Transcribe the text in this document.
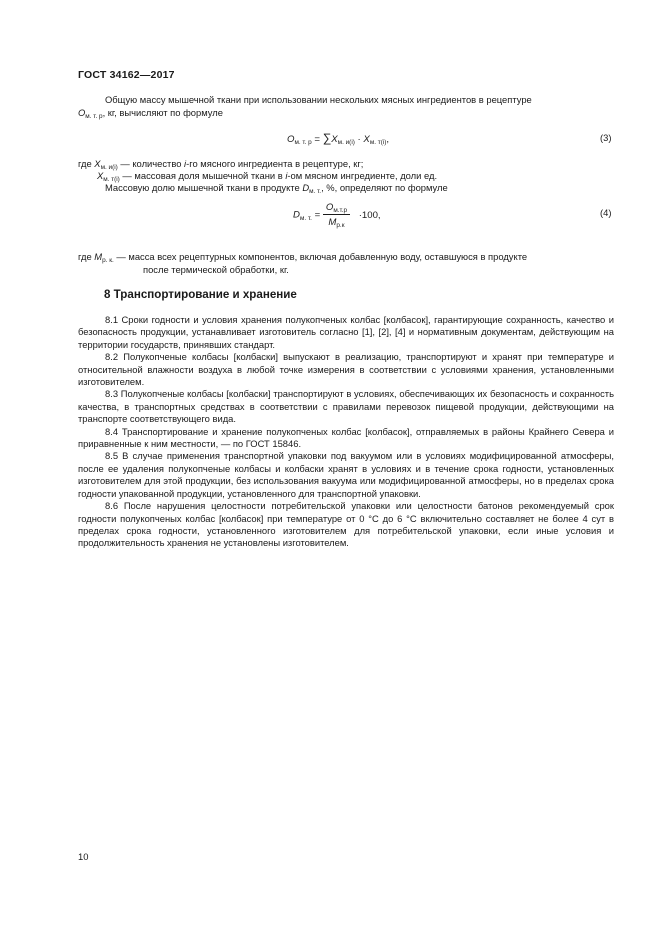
ГОСТ 34162—2017
Общую массу мышечной ткани при использовании нескольких мясных ингредиентов в рецептуре
$O_{м. т. р}$, кг, вычисляют по формуле
$O_{м. т. р} = \sum X_{м. и(i)} \cdot X_{м. т(i)}$,	(3)
где $X_{м. и(i)}$ — количество i-го мясного ингредиента в рецептуре, кг;
$X_{м. т(i)}$ — массовая доля мышечной ткани в i-ом мясном ингредиенте, доли ед.
Массовую долю мышечной ткани в продукте $D_{м. т.}$, %, определяют по формуле
$D_{м. т.} = \frac{O_{м.т.р}}{M_{р.к}} \cdot 100$,	(4)
где $M_{р. к.}$ — масса всех рецептурных компонентов, включая добавленную воду, оставшуюся в продукте
после термической обработки, кг.
8 Транспортирование и хранение

8.1 Сроки годности и условия хранения полукопченых колбас [колбасок], гарантирующие сохранность, качество и безопасность продукции, устанавливает изготовитель согласно [1], [2], [4] и нормативным документам, действующим на территории государств, принявших стандарт.

8.2 Полукопченые колбасы [колбаски] выпускают в реализацию, транспортируют и хранят при температуре и относительной влажности воздуха в любой точке измерения в соответствии с условиями хранения, установленными изготовителем.

8.3 Полукопченые колбасы [колбаски] транспортируют в условиях, обеспечивающих их безопасность и сохранность качества, в транспортных средствах в соответствии с правилами перевозок пищевой продукции, действующими на транспорте соответствующего вида.

8.4 Транспортирование и хранение полукопченых колбас [колбасок], отправляемых в районы Крайнего Севера и приравненные к ним местности, — по ГОСТ 15846.

8.5 В случае применения транспортной упаковки под вакуумом или в условиях модифицированной атмосферы, после ее удаления полукопченые колбасы и колбаски хранят в условиях и в течение срока годности, установленных изготовителем для этой продукции, без использования вакуума или модифицированной атмосферы, но в пределах срока годности упакованной продукции, установленного для транспортной упаковки.

8.6 После нарушения целостности потребительской упаковки или целостности батонов рекомендуемый срок годности полукопченых колбас [колбасок] при температуре от 0 °С до 6 °С включительно составляет не более 4 сут в пределах срока годности, установленного изготовителем для потребительской упаковки, если иные условия и продолжительность хранения не установлены изготовителем.

10
